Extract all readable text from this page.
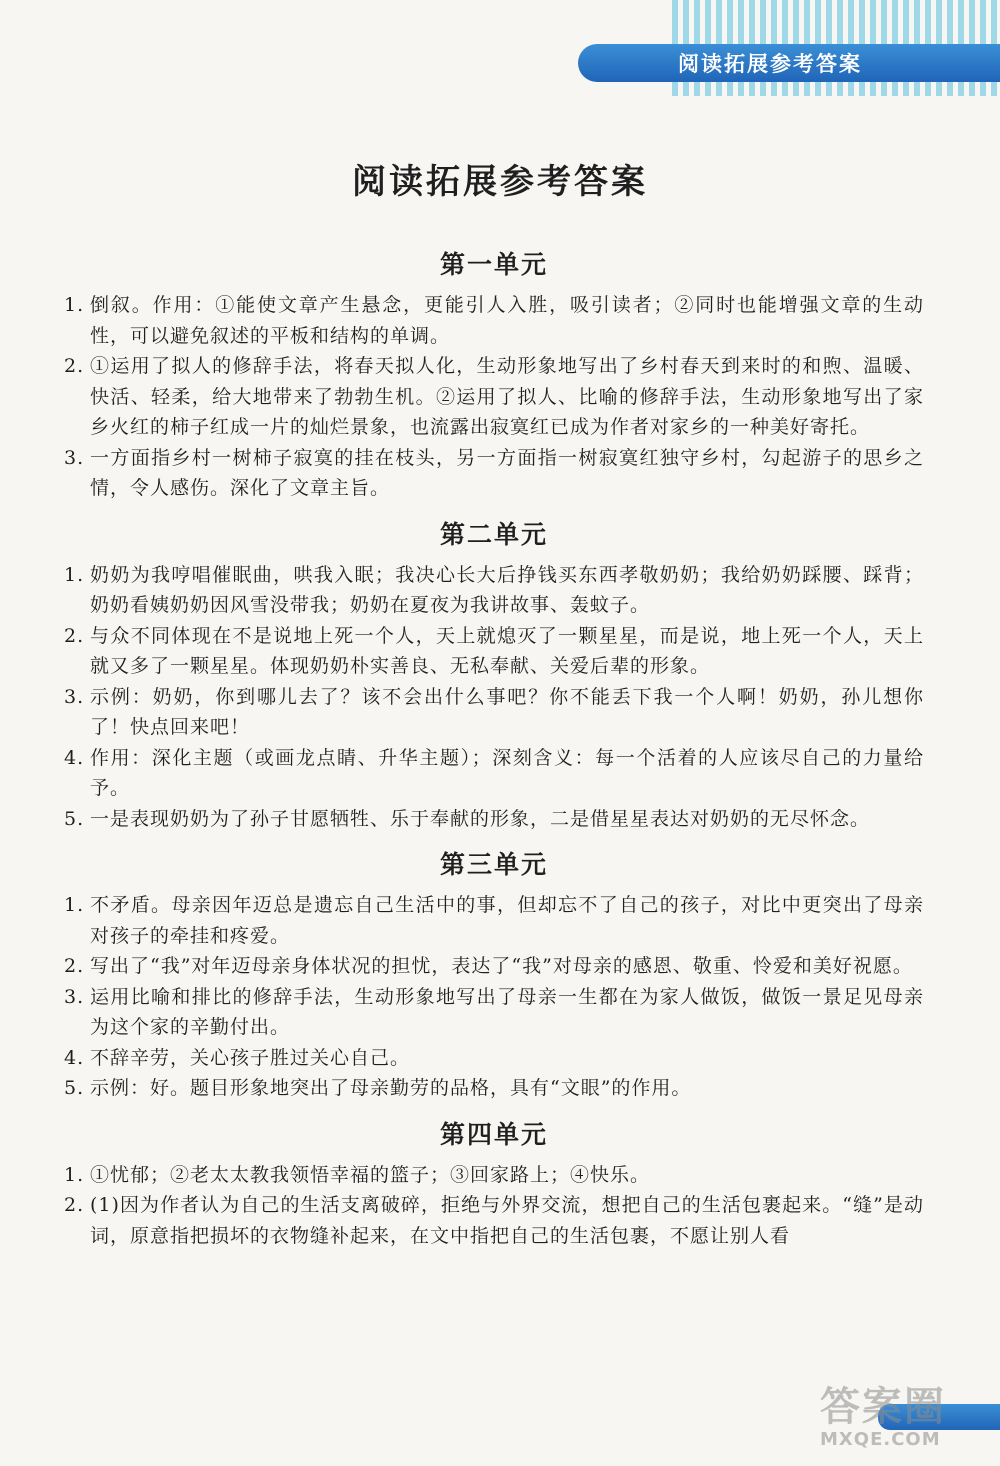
阅读拓展参考答案
阅读拓展参考答案
第一单元

1. 倒叙。作用：①能使文章产生悬念，更能引人入胜，吸引读者；②同时也能增强文章的生动性，可以避免叙述的平板和结构的单调。

2. ①运用了拟人的修辞手法，将春天拟人化，生动形象地写出了乡村春天到来时的和煦、温暖、快活、轻柔，给大地带来了勃勃生机。②运用了拟人、比喻的修辞手法，生动形象地写出了家乡火红的柿子红成一片的灿烂景象，也流露出寂寞红已成为作者对家乡的一种美好寄托。

3. 一方面指乡村一树柿子寂寞的挂在枝头，另一方面指一树寂寞红独守乡村，勾起游子的思乡之情，令人感伤。深化了文章主旨。

第二单元

1. 奶奶为我哼唱催眠曲，哄我入眠；我决心长大后挣钱买东西孝敬奶奶；我给奶奶踩腰、踩背；奶奶看姨奶奶因风雪没带我；奶奶在夏夜为我讲故事、轰蚊子。

2. 与众不同体现在不是说地上死一个人，天上就熄灭了一颗星星，而是说，地上死一个人，天上就又多了一颗星星。体现奶奶朴实善良、无私奉献、关爱后辈的形象。

3. 示例：奶奶，你到哪儿去了？该不会出什么事吧？你不能丢下我一个人啊！奶奶，孙儿想你了！快点回来吧！

4. 作用：深化主题（或画龙点睛、升华主题）；深刻含义：每一个活着的人应该尽自己的力量给予。

5. 一是表现奶奶为了孙子甘愿牺牲、乐于奉献的形象，二是借星星表达对奶奶的无尽怀念。

第三单元

1. 不矛盾。母亲因年迈总是遗忘自己生活中的事，但却忘不了自己的孩子，对比中更突出了母亲对孩子的牵挂和疼爱。

2. 写出了“我”对年迈母亲身体状况的担忧，表达了“我”对母亲的感恩、敬重、怜爱和美好祝愿。

3. 运用比喻和排比的修辞手法，生动形象地写出了母亲一生都在为家人做饭，做饭一景足见母亲为这个家的辛勤付出。

4. 不辞辛劳，关心孩子胜过关心自己。

5. 示例：好。题目形象地突出了母亲勤劳的品格，具有“文眼”的作用。

第四单元

1. ①忧郁；②老太太教我领悟幸福的篮子；③回家路上；④快乐。

2. (1)因为作者认为自己的生活支离破碎，拒绝与外界交流，想把自己的生活包裹起来。“缝”是动词，原意指把损坏的衣物缝补起来，在文中指把自己的生活包裹，不愿让别人看

答案圈
MXQE.COM
